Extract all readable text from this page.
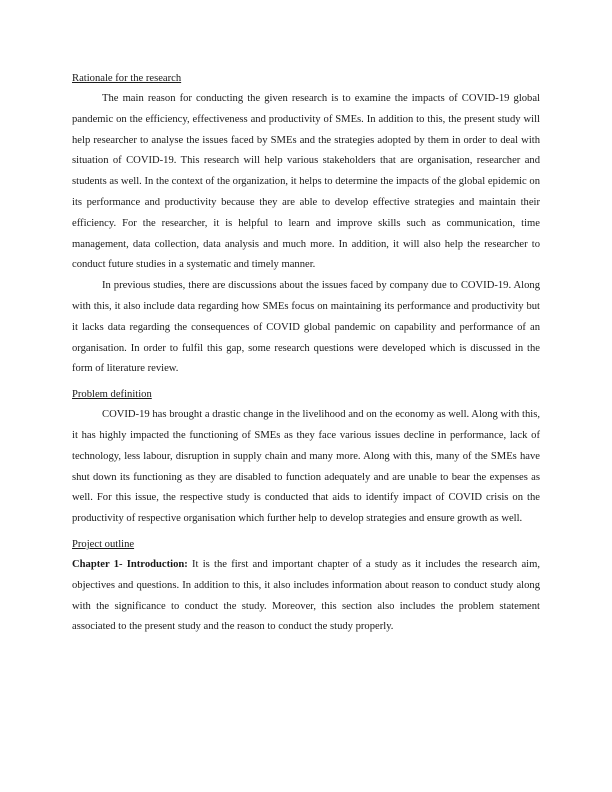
Rationale for the research

The main reason for conducting the given research is to examine the impacts of COVID-19 global pandemic on the efficiency, effectiveness and productivity of SMEs. In addition to this, the present study will help researcher to analyse the issues faced by SMEs and the strategies adopted by them in order to deal with situation of COVID-19. This research will help various stakeholders that are organisation, researcher and students as well. In the context of the organization, it helps to determine the impacts of the global epidemic on its performance and productivity because they are able to develop effective strategies and maintain their efficiency. For the researcher, it is helpful to learn and improve skills such as communication, time management, data collection, data analysis and much more. In addition, it will also help the researcher to conduct future studies in a systematic and timely manner.

In previous studies, there are discussions about the issues faced by company due to COVID-19. Along with this, it also include data regarding how SMEs focus on maintaining its performance and productivity but it lacks data regarding the consequences of COVID global pandemic on capability and performance of an organisation. In order to fulfil this gap, some research questions were developed which is discussed in the form of literature review.

Problem definition

COVID-19 has brought a drastic change in the livelihood and on the economy as well. Along with this, it has highly impacted the functioning of SMEs as they face various issues decline in performance, lack of technology, less labour, disruption in supply chain and many more. Along with this, many of the SMEs have shut down its functioning as they are disabled to function adequately and are unable to bear the expenses as well. For this issue, the respective study is conducted that aids to identify impact of COVID crisis on the productivity of respective organisation which further help to develop strategies and ensure growth as well.

Project outline

Chapter 1- Introduction: It is the first and important chapter of a study as it includes the research aim, objectives and questions. In addition to this, it also includes information about reason to conduct study along with the significance to conduct the study. Moreover, this section also includes the problem statement associated to the present study and the reason to conduct the study properly.
